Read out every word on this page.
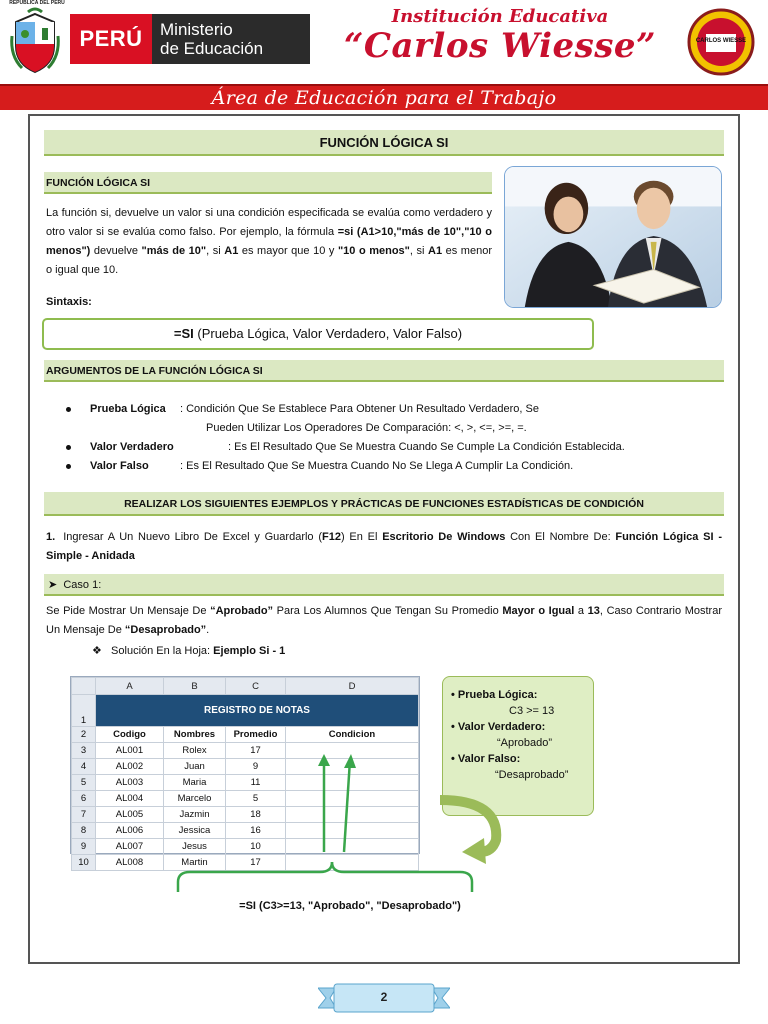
REPÚBLICA DEL PERÚ
PERÚ	Ministerio
de Educación
Institución Educativa
“Carlos Wiesse”	CARLOS WIESSE
Área de Educación para el Trabajo
FUNCIÓN LÓGICA SI
FUNCIÓN LÓGICA SI

La función si, devuelve un valor si una condición especificada se evalúa como verdadero y otro valor si se evalúa como falso. Por ejemplo, la fórmula =si (A1>10,"más de 10","10 o menos") devuelve "más de 10", si A1 es mayor que 10 y "10 o menos", si A1 es menor o igual que 10.

Sintaxis:
=SI (Prueba Lógica, Valor Verdadero, Valor Falso)
ARGUMENTOS DE LA FUNCIÓN LÓGICA SI
Prueba Lógica : Condición Que Se Establece Para Obtener Un Resultado Verdadero, Se
Pueden Utilizar Los Operadores De Comparación: <, >, <=, >=, =.
Valor Verdadero	: Es El Resultado Que Se Muestra Cuando Se Cumple La Condición Establecida.
Valor Falso	: Es El Resultado Que Se Muestra Cuando No Se Llega A Cumplir La Condición.
REALIZAR LOS SIGUIENTES EJEMPLOS Y PRÁCTICAS DE FUNCIONES ESTADÍSTICAS DE CONDICIÓN

1. Ingresar A Un Nuevo Libro De Excel y Guardarlo (F12) En El Escritorio De Windows Con El Nombre De: Función Lógica SI - Simple - Anidada

➤ Caso 1:

Se Pide Mostrar Un Mensaje De “Aprobado” Para Los Alumnos Que Tengan Su Promedio Mayor o Igual a 13, Caso Contrario Mostrar Un Mensaje De “Desaprobado”.

❖ Solución En la Hoja: Ejemplo Si - 1
	A	B	C	D
1	REGISTRO DE NOTAS			
2	Codigo	Nombres	Promedio	Condicion
3	AL001	Rolex	17	
4	AL002	Juan	9	
5	AL003	Maria	11	
6	AL004	Marcelo	5	
7	AL005	Jazmin	18	
8	AL006	Jessica	16	
9	AL007	Jesus	10	
10	AL008	Martin	17	
• Prueba Lógica:
C3 >= 13
• Valor Verdadero:
“Aprobado”
• Valor Falso:
“Desaprobado”
=SI (C3>=13, "Aprobado", "Desaprobado")
2
